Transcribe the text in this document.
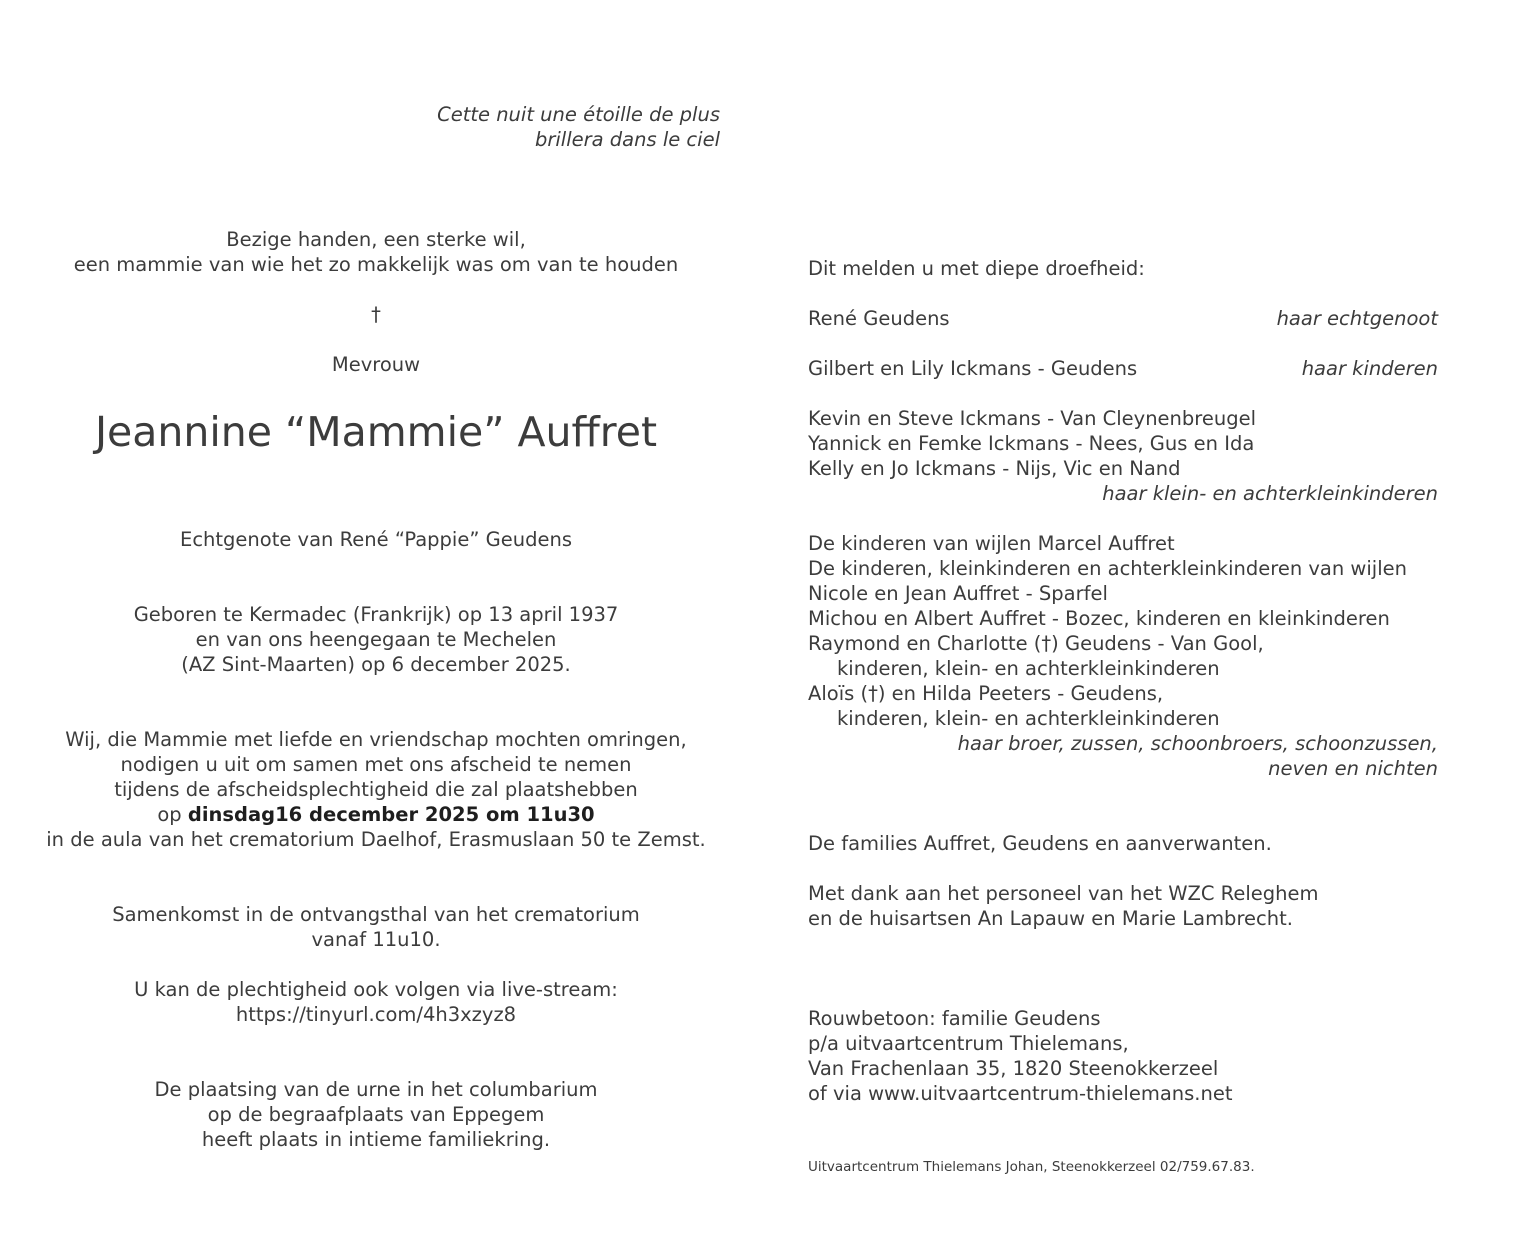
Cette nuit une étoille de plus
brillera dans le ciel
Bezige handen, een sterke wil,
een mammie van wie het zo makkelijk was om van te houden
†
Mevrouw
Jeannine “Mammie” Auffret
Echtgenote van René “Pappie” Geudens
Geboren te Kermadec (Frankrijk) op 13 april 1937
en van ons heengegaan te Mechelen
(AZ Sint-Maarten) op 6 december 2025.
Wij, die Mammie met liefde en vriendschap mochten omringen,
nodigen u uit om samen met ons afscheid te nemen
tijdens de afscheidsplechtigheid die zal plaatshebben
op dinsdag16 december 2025 om 11u30
in de aula van het crematorium Daelhof, Erasmuslaan 50 te Zemst.
Samenkomst in de ontvangsthal van het crematorium
vanaf 11u10.
U kan de plechtigheid ook volgen via live-stream:
https://tinyurl.com/4h3xzyz8
De plaatsing van de urne in het columbarium
op de begraafplaats van Eppegem
heeft plaats in intieme familiekring.
Dit melden u met diepe droefheid:
René Geudens	haar echtgenoot
Gilbert en Lily Ickmans - Geudens	haar kinderen
Kevin en Steve Ickmans - Van Cleynenbreugel
Yannick en Femke Ickmans - Nees, Gus en Ida
Kelly en Jo Ickmans - Nijs, Vic en Nand
haar klein- en achterkleinkinderen
De kinderen van wijlen Marcel Auffret
De kinderen, kleinkinderen en achterkleinkinderen van wijlen
Nicole en Jean Auffret - Sparfel
Michou en Albert Auffret - Bozec, kinderen en kleinkinderen
Raymond en Charlotte (†) Geudens - Van Gool,
kinderen, klein- en achterkleinkinderen
Aloïs (†) en Hilda Peeters - Geudens,
kinderen, klein- en achterkleinkinderen
haar broer, zussen, schoonbroers, schoonzussen,
neven en nichten
De families Auffret, Geudens en aanverwanten.
Met dank aan het personeel van het WZC Releghem
en de huisartsen An Lapauw en Marie Lambrecht.
Rouwbetoon: familie Geudens
p/a uitvaartcentrum Thielemans,
Van Frachenlaan 35, 1820 Steenokkerzeel
of via www.uitvaartcentrum-thielemans.net
Uitvaartcentrum Thielemans Johan, Steenokkerzeel 02/759.67.83.
